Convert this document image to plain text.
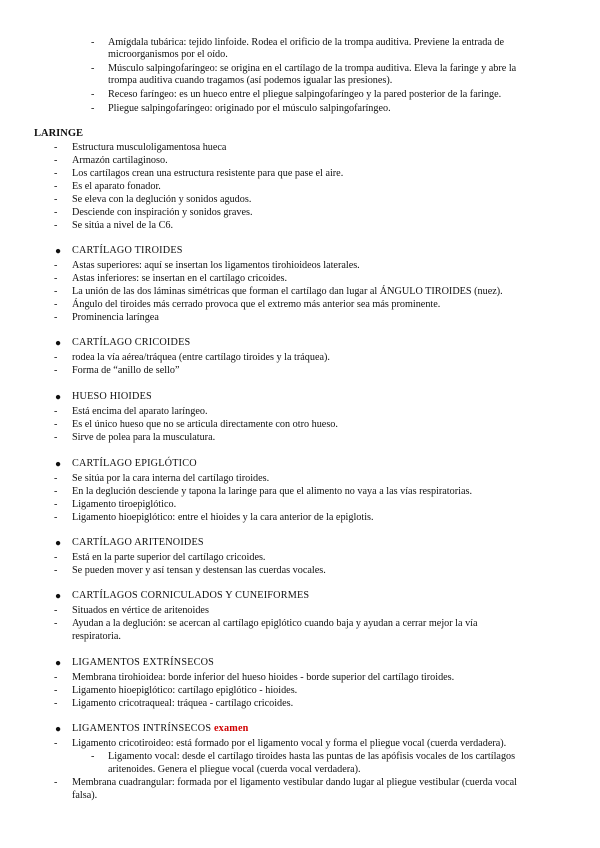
- Amígdala tubárica: tejido linfoide. Rodea el orificio de la trompa auditiva. Previene la entrada de
microorganismos por el oído.
- Músculo salpingofaríngeo: se origina en el cartílago de la trompa auditiva. Eleva la faringe y abre la
trompa auditiva cuando tragamos (así podemos igualar las presiones).
- Receso faríngeo: es un hueco entre el pliegue salpingofaríngeo y la pared posterior de la faringe.
- Pliegue salpingofaríngeo: originado por el músculo salpingofaríngeo.
LARINGE
- Estructura musculoligamentosa hueca
- Armazón cartilaginoso.
- Los cartílagos crean una estructura resistente para que pase el aire.
- Es el aparato fonador.
- Se eleva con la deglución y sonidos agudos.
- Desciende con inspiración y sonidos graves.
- Se sitúa a nivel de la C6.
● CARTÍLAGO TIROIDES
- Astas superiores: aquí se insertan los ligamentos tirohioideos laterales.
- Astas inferiores: se insertan en el cartílago cricoides.
- La unión de las dos láminas simétricas que forman el cartílago dan lugar al ÁNGULO TIROIDES (nuez).
- Ángulo del tiroides más cerrado provoca que el extremo más anterior sea más prominente.
- Prominencia laríngea
● CARTÍLAGO CRICOIDES
- rodea la vía aérea/tráquea (entre cartílago tiroides y la tráquea).
- Forma de “anillo de sello”
● HUESO HIOIDES
- Está encima del aparato laríngeo.
- Es el único hueso que no se articula directamente con otro hueso.
- Sirve de polea para la musculatura.
● CARTÍLAGO EPIGLÓTICO
- Se sitúa por la cara interna del cartílago tiroides.
- En la deglución desciende y tapona la laringe para que el alimento no vaya a las vías respiratorias.
- Ligamento tiroepiglótico.
- Ligamento hioepiglótico: entre el hioides y la cara anterior de la epiglotis.
● CARTÍLAGO ARITENOIDES
- Está en la parte superior del cartílago cricoides.
- Se pueden mover y así tensan y destensan las cuerdas vocales.
● CARTÍLAGOS CORNICULADOS Y CUNEIFORMES
- Situados en vértice de aritenoides
- Ayudan a la deglución: se acercan al cartílago epiglótico cuando baja y ayudan a cerrar mejor la vía
respiratoria.
● LIGAMENTOS EXTRÍNSECOS
- Membrana tirohioidea: borde inferior del hueso hioides - borde superior del cartílago tiroides.
- Ligamento hioepiglótico: cartílago epiglótico - hioides.
- Ligamento cricotraqueal: tráquea - cartílago cricoides.
● LIGAMENTOS INTRÍNSECOS examen
- Ligamento cricotiroideo: está formado por el ligamento vocal y forma el pliegue vocal (cuerda verdadera).
- Ligamento vocal: desde el cartílago tiroides hasta las puntas de las apófisis vocales de los cartílagos
aritenoides. Genera el pliegue vocal (cuerda vocal verdadera).
- Membrana cuadrangular: formada por el ligamento vestibular dando lugar al pliegue vestibular (cuerda vocal
falsa).
